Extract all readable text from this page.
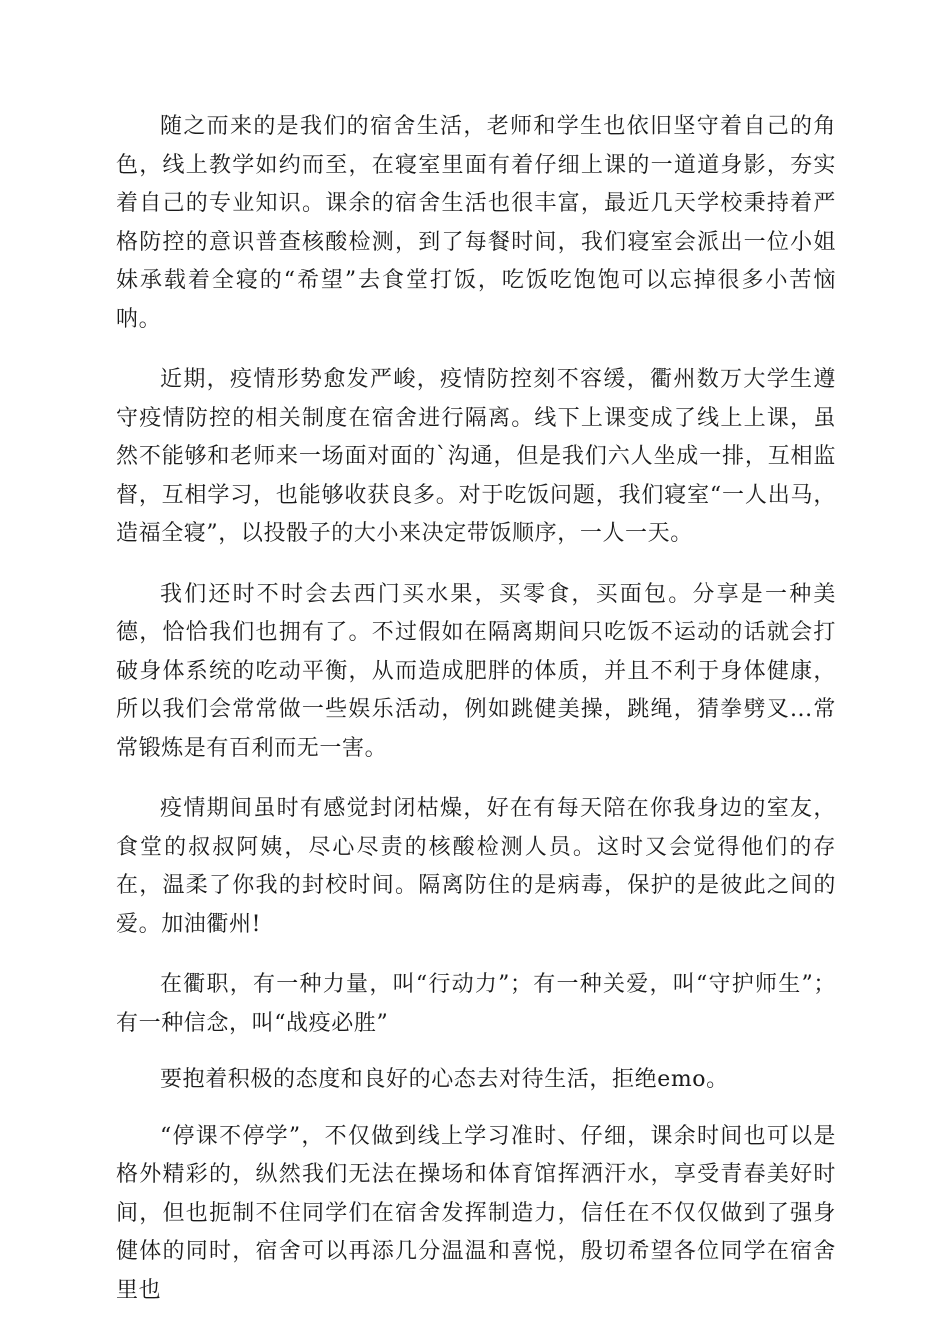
随之而来的是我们的宿舍生活，老师和学生也依旧坚守着自己的角色，线上教学如约而至，在寝室里面有着仔细上课的一道道身影，夯实着自己的专业知识。课余的宿舍生活也很丰富，最近几天学校秉持着严格防控的意识普查核酸检测，到了每餐时间，我们寝室会派出一位小姐妹承载着全寝的“希望”去食堂打饭，吃饭吃饱饱可以忘掉很多小苦恼呐。

近期，疫情形势愈发严峻，疫情防控刻不容缓，衢州数万大学生遵守疫情防控的相关制度在宿舍进行隔离。线下上课变成了线上上课，虽然不能够和老师来一场面对面的`沟通，但是我们六人坐成一排，互相监督，互相学习，也能够收获良多。对于吃饭问题，我们寝室“一人出马，造福全寝”，以投骰子的大小来决定带饭顺序，一人一天。

我们还时不时会去西门买水果，买零食，买面包。分享是一种美德，恰恰我们也拥有了。不过假如在隔离期间只吃饭不运动的话就会打破身体系统的吃动平衡，从而造成肥胖的体质，并且不利于身体健康，所以我们会常常做一些娱乐活动，例如跳健美操，跳绳，猜拳劈叉...常常锻炼是有百利而无一害。

疫情期间虽时有感觉封闭枯燥，好在有每天陪在你我身边的室友，食堂的叔叔阿姨，尽心尽责的核酸检测人员。这时又会觉得他们的存在，温柔了你我的封校时间。隔离防住的是病毒，保护的是彼此之间的爱。加油衢州!

在衢职，有一种力量，叫“行动力”；有一种关爱，叫“守护师生”；有一种信念，叫“战疫必胜”

要抱着积极的态度和良好的心态去对待生活，拒绝emo。

“停课不停学”，不仅做到线上学习准时、仔细，课余时间也可以是格外精彩的，纵然我们无法在操场和体育馆挥洒汗水，享受青春美好时间，但也扼制不住同学们在宿舍发挥制造力，信任在不仅仅做到了强身健体的同时，宿舍可以再添几分温温和喜悦，殷切希望各位同学在宿舍里也
